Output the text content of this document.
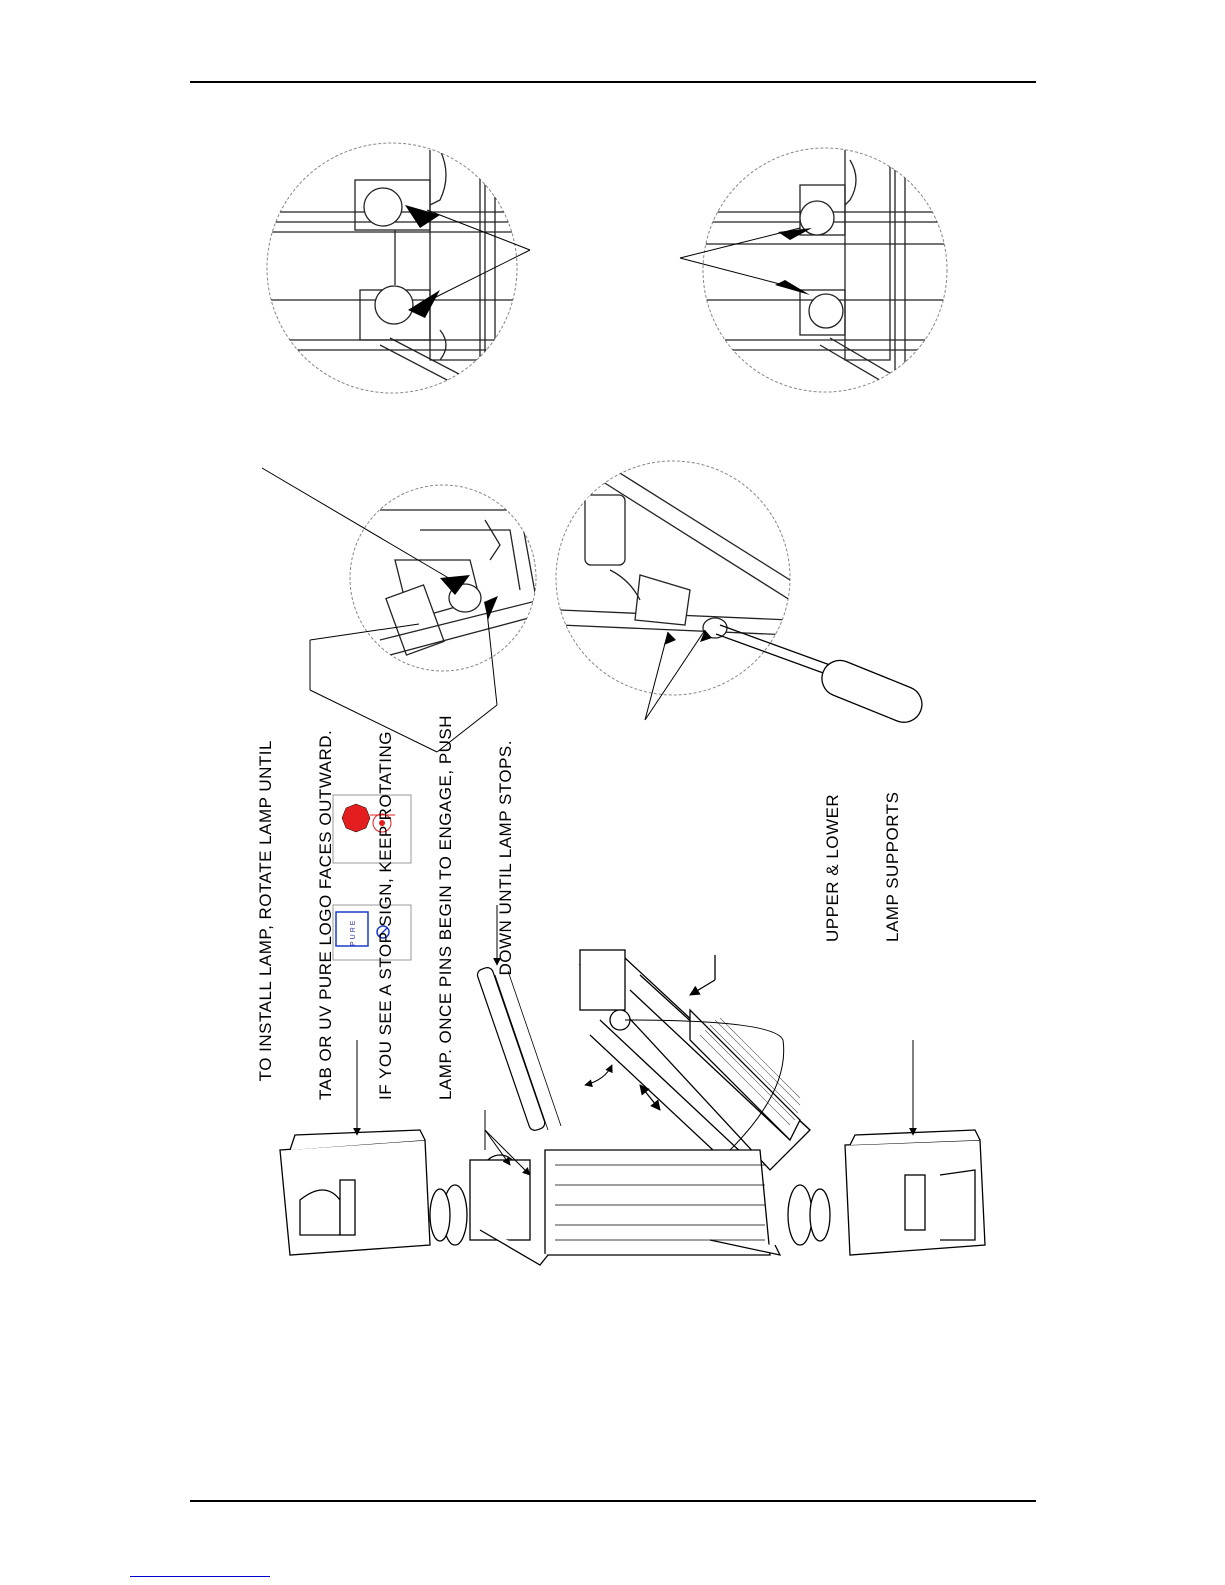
TO INSTALL LAMP, ROTATE LAMP UNTIL

TAB OR UV PURE LOGO FACES OUTWARD.

IF YOU SEE A STOP SIGN, KEEP ROTATING

LAMP. ONCE PINS BEGIN TO ENGAGE, PUSH

DOWN UNTIL LAMP STOPS.

	UPPER & LOWER

LAMP SUPPORTS

PURE
